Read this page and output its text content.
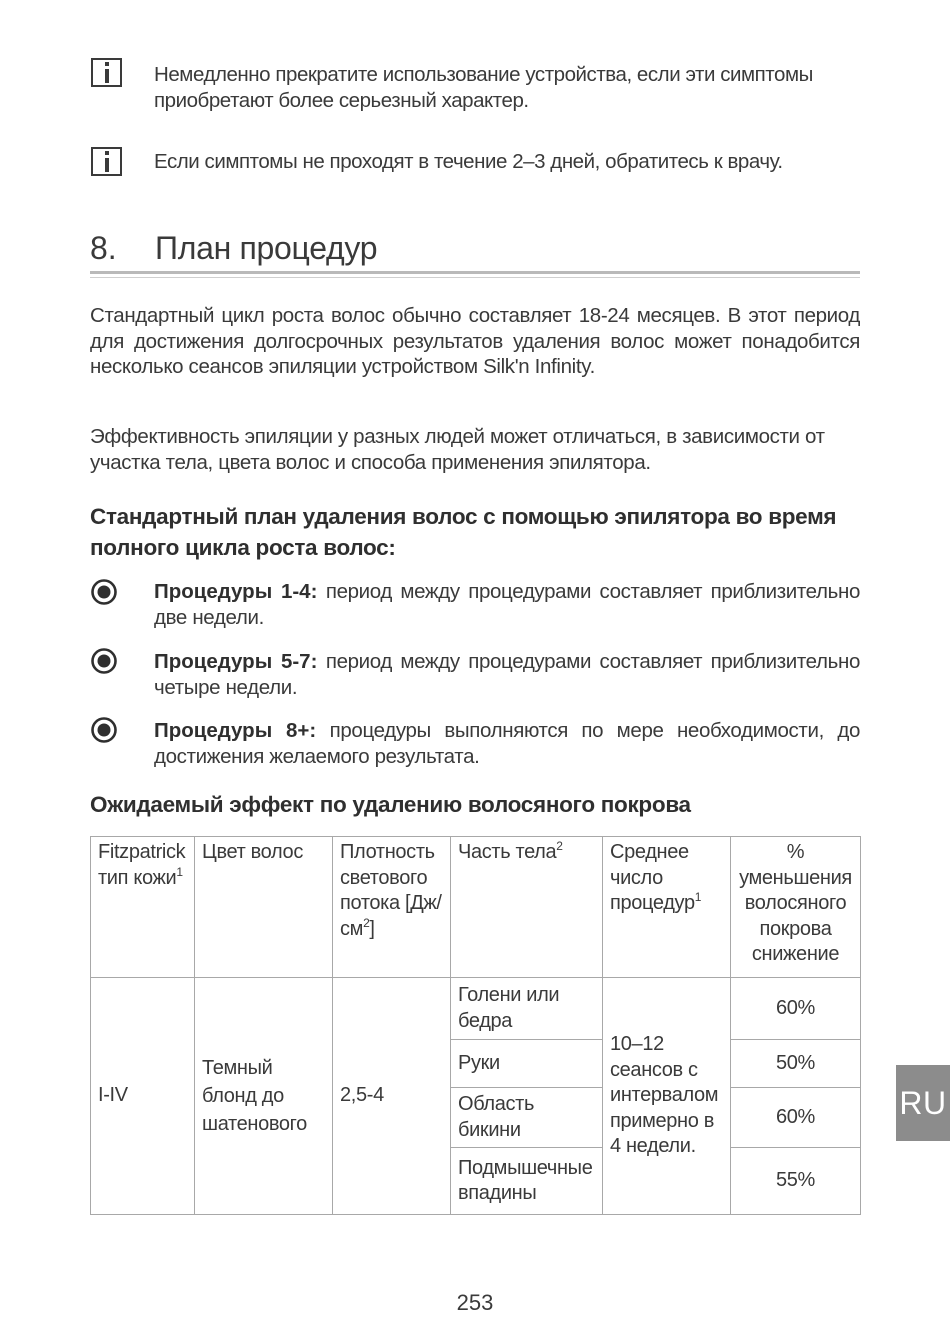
Немедленно прекратите использование устройства, если эти симптомы приобретают более серьезный характер.
Если симптомы не проходят в течение 2–3 дней, обратитесь к врачу.
8. План процедур
Стандартный цикл роста волос обычно составляет 18-24 месяцев. В этот период для достижения долгосрочных результатов удаления волос может понадобится несколько сеансов эпиляции устройством Silk'n Infinity.
Эффективность эпиляции у разных людей может отличаться, в зависимости от участка тела, цвета волос и способа применения эпилятора.
Стандартный план удаления волос с помощью эпилятора во время полного цикла роста волос:
Процедуры 1-4: период между процедурами составляет приблизительно две недели.
Процедуры 5-7: период между процедурами составляет приблизительно четыре недели.
Процедуры 8+: процедуры выполняются по мере необходимости, до достижения желаемого результата.
Ожидаемый эффект по удалению волосяного покрова
Fitzpatrick тип кожи$^1$	Цвет волос	Плотность светового потока $[Дж/см^2]$	Часть тела$^2$	Среднее число процедур$^1$	% уменьшения волосяного покрова снижение
I-IV	Темный блонд до шатенового	2,5-4	Голени или бедра	10–12 сеансов с интервалом примерно в 4 недели.	60%
			Руки		50%
			Область бикини		60%
			Подмышечные впадины		55%
RU
253
